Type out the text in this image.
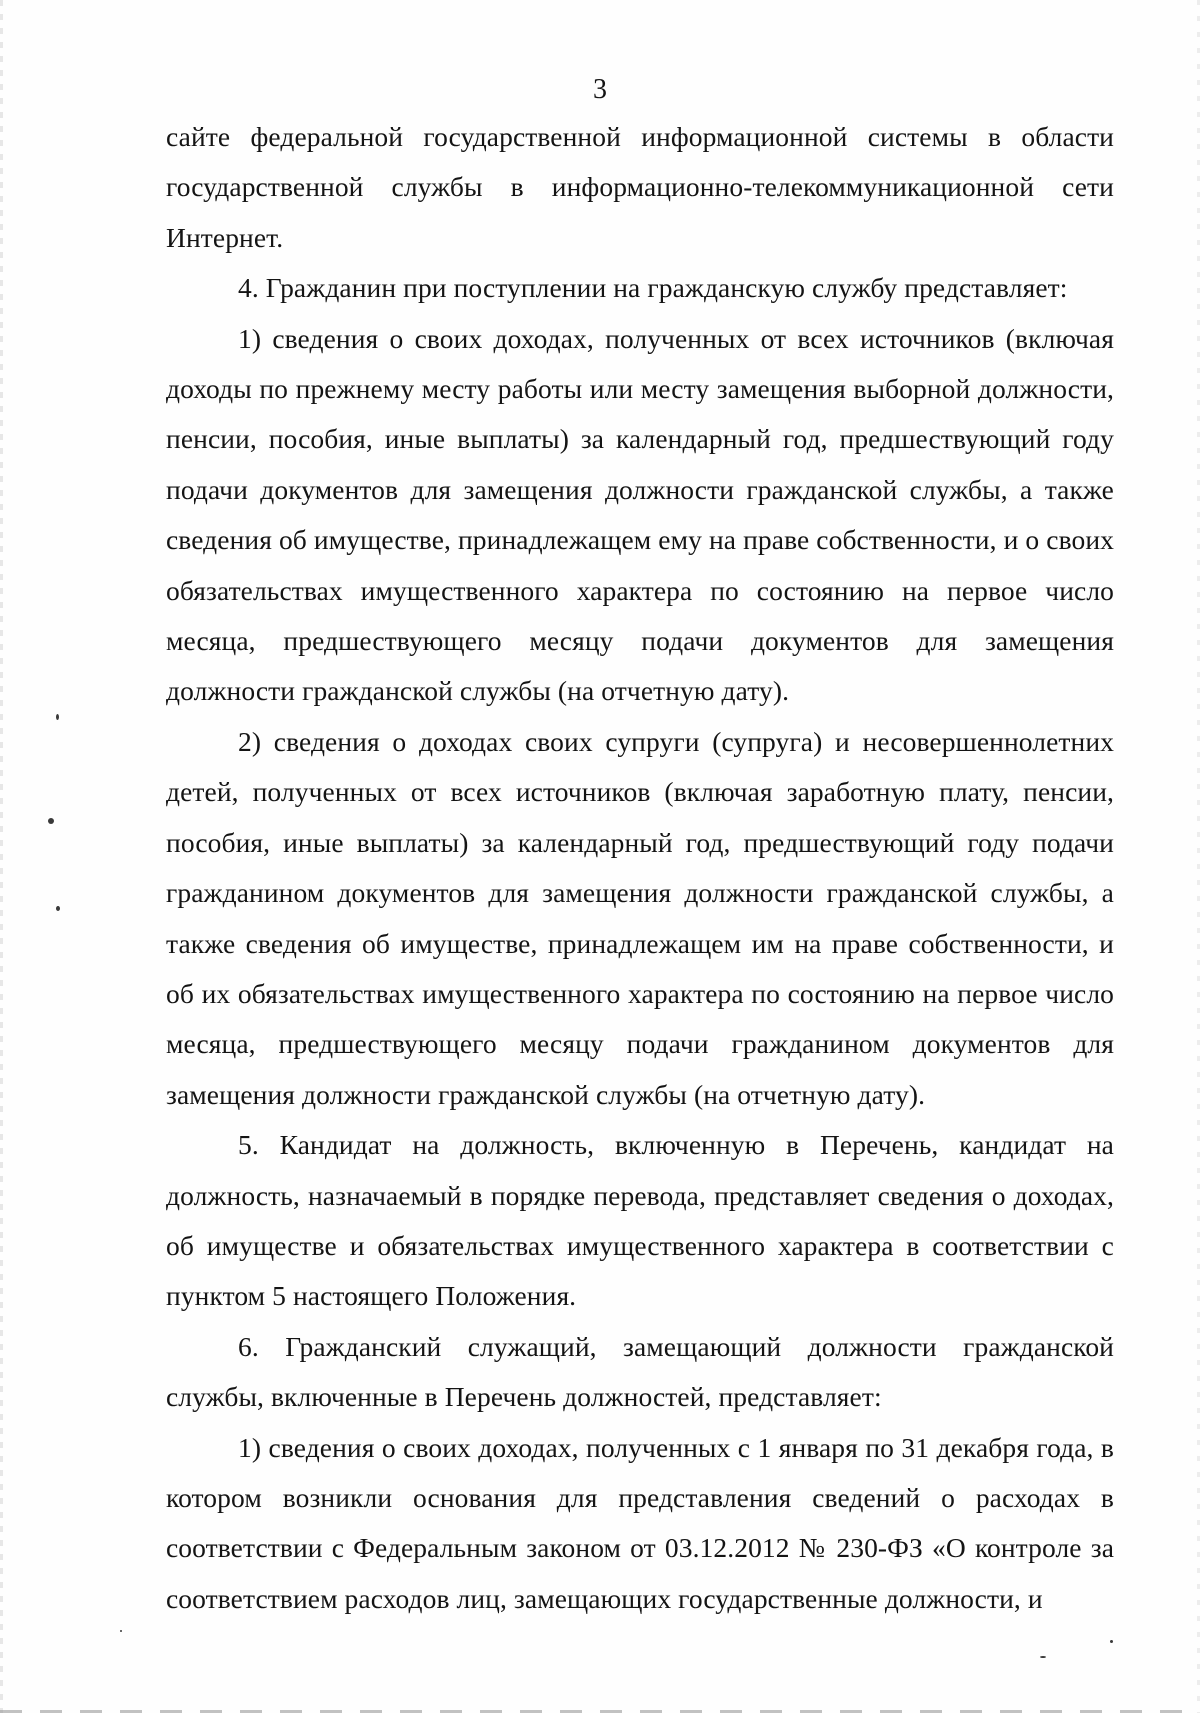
3

сайте федеральной государственной информационной системы в области государственной службы в информационно-телекоммуникационной сети Интернет.

4. Гражданин при поступлении на гражданскую службу представляет:

1) сведения о своих доходах, полученных от всех источников (включая доходы по прежнему месту работы или месту замещения выборной должности, пенсии, пособия, иные выплаты) за календарный год, предшествующий году подачи документов для замещения должности гражданской службы, а также сведения об имуществе, принадлежащем ему на праве собственности, и о своих обязательствах имущественного характера по состоянию на первое число месяца, предшествующего месяцу подачи документов для замещения должности гражданской службы (на отчетную дату).

2) сведения о доходах своих супруги (супруга) и несовершеннолетних детей, полученных от всех источников (включая заработную плату, пенсии, пособия, иные выплаты) за календарный год, предшествующий году подачи гражданином документов для замещения должности гражданской службы, а также сведения об имуществе, принадлежащем им на праве собственности, и об их обязательствах имущественного характера по состоянию на первое число месяца, предшествующего месяцу подачи гражданином документов для замещения должности гражданской службы (на отчетную дату).

5. Кандидат на должность, включенную в Перечень, кандидат на должность, назначаемый в порядке перевода, представляет сведения о доходах, об имуществе и обязательствах имущественного характера в соответствии с пунктом 5 настоящего Положения.

6. Гражданский служащий, замещающий должности гражданской службы, включенные в Перечень должностей, представляет:

1) сведения о своих доходах, полученных с 1 января по 31 декабря года, в котором возникли основания для представления сведений о расходах в соответствии с Федеральным законом от 03.12.2012 № 230-ФЗ «О контроле за соответствием расходов лиц, замещающих государственные должности, и
